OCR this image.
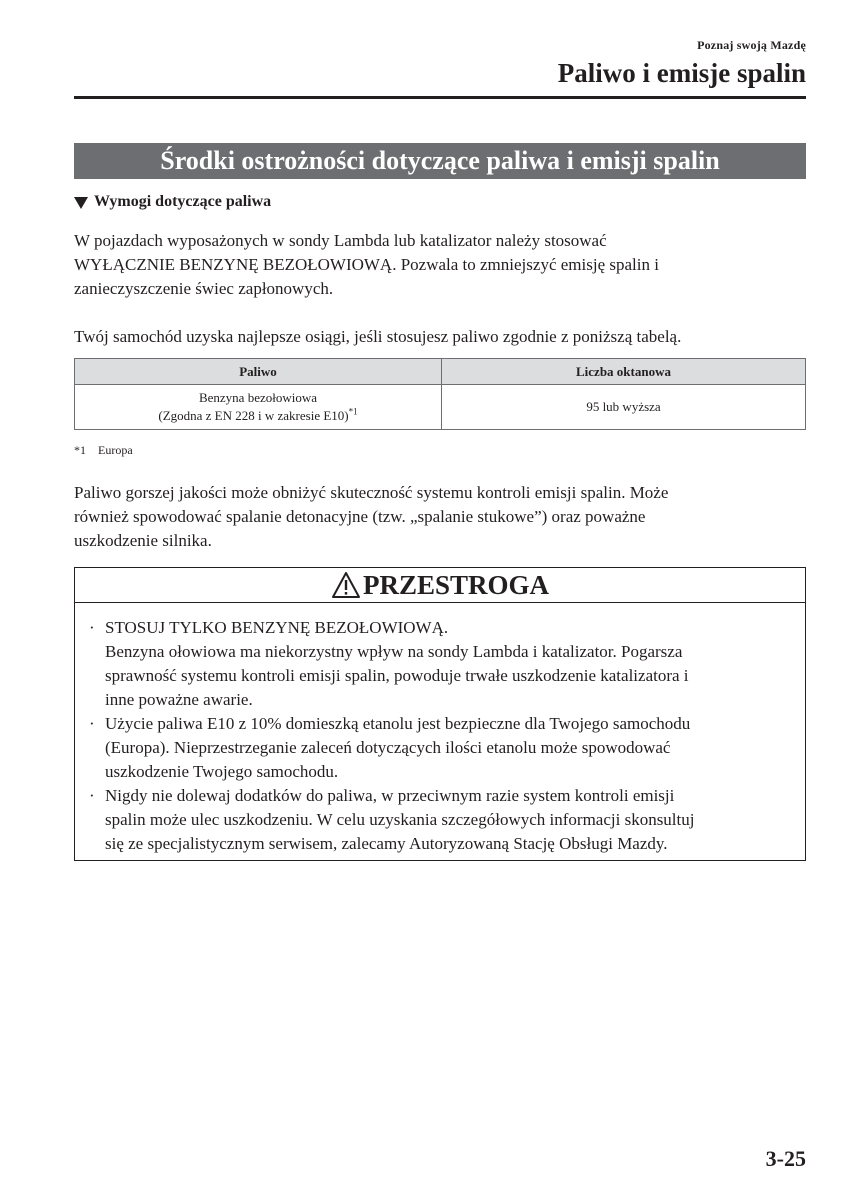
Poznaj swoją Mazdę
Paliwo i emisje spalin
Środki ostrożności dotyczące paliwa i emisji spalin
Wymogi dotyczące paliwa

W pojazdach wyposażonych w sondy Lambda lub katalizator należy stosować
WYŁĄCZNIE BENZYNĘ BEZOŁOWIOWĄ. Pozwala to zmniejszyć emisję spalin i
zanieczyszczenie świec zapłonowych.

Twój samochód uzyska najlepsze osiągi, jeśli stosujesz paliwo zgodnie z poniższą tabelą.

Paliwo	Liczba oktanowa
Benzyna bezołowiowa
(Zgodna z EN 228 i w zakresie E10)$^{*1}$	95 lub wyższa
*1 Europa

Paliwo gorszej jakości może obniżyć skuteczność systemu kontroli emisji spalin. Może
również spowodować spalanie detonacyjne (tzw. „spalanie stukowe”) oraz poważne
uszkodzenie silnika.

PRZESTROGA
· STOSUJ TYLKO BENZYNĘ BEZOŁOWIOWĄ.
Benzyna ołowiowa ma niekorzystny wpływ na sondy Lambda i katalizator. Pogarsza
sprawność systemu kontroli emisji spalin, powoduje trwałe uszkodzenie katalizatora i
inne poważne awarie.
· Użycie paliwa E10 z 10% domieszką etanolu jest bezpieczne dla Twojego samochodu
(Europa). Nieprzestrzeganie zaleceń dotyczących ilości etanolu może spowodować
uszkodzenie Twojego samochodu.
· Nigdy nie dolewaj dodatków do paliwa, w przeciwnym razie system kontroli emisji
spalin może ulec uszkodzeniu. W celu uzyskania szczegółowych informacji skonsultuj
się ze specjalistycznym serwisem, zalecamy Autoryzowaną Stację Obsługi Mazdy.
3-25
